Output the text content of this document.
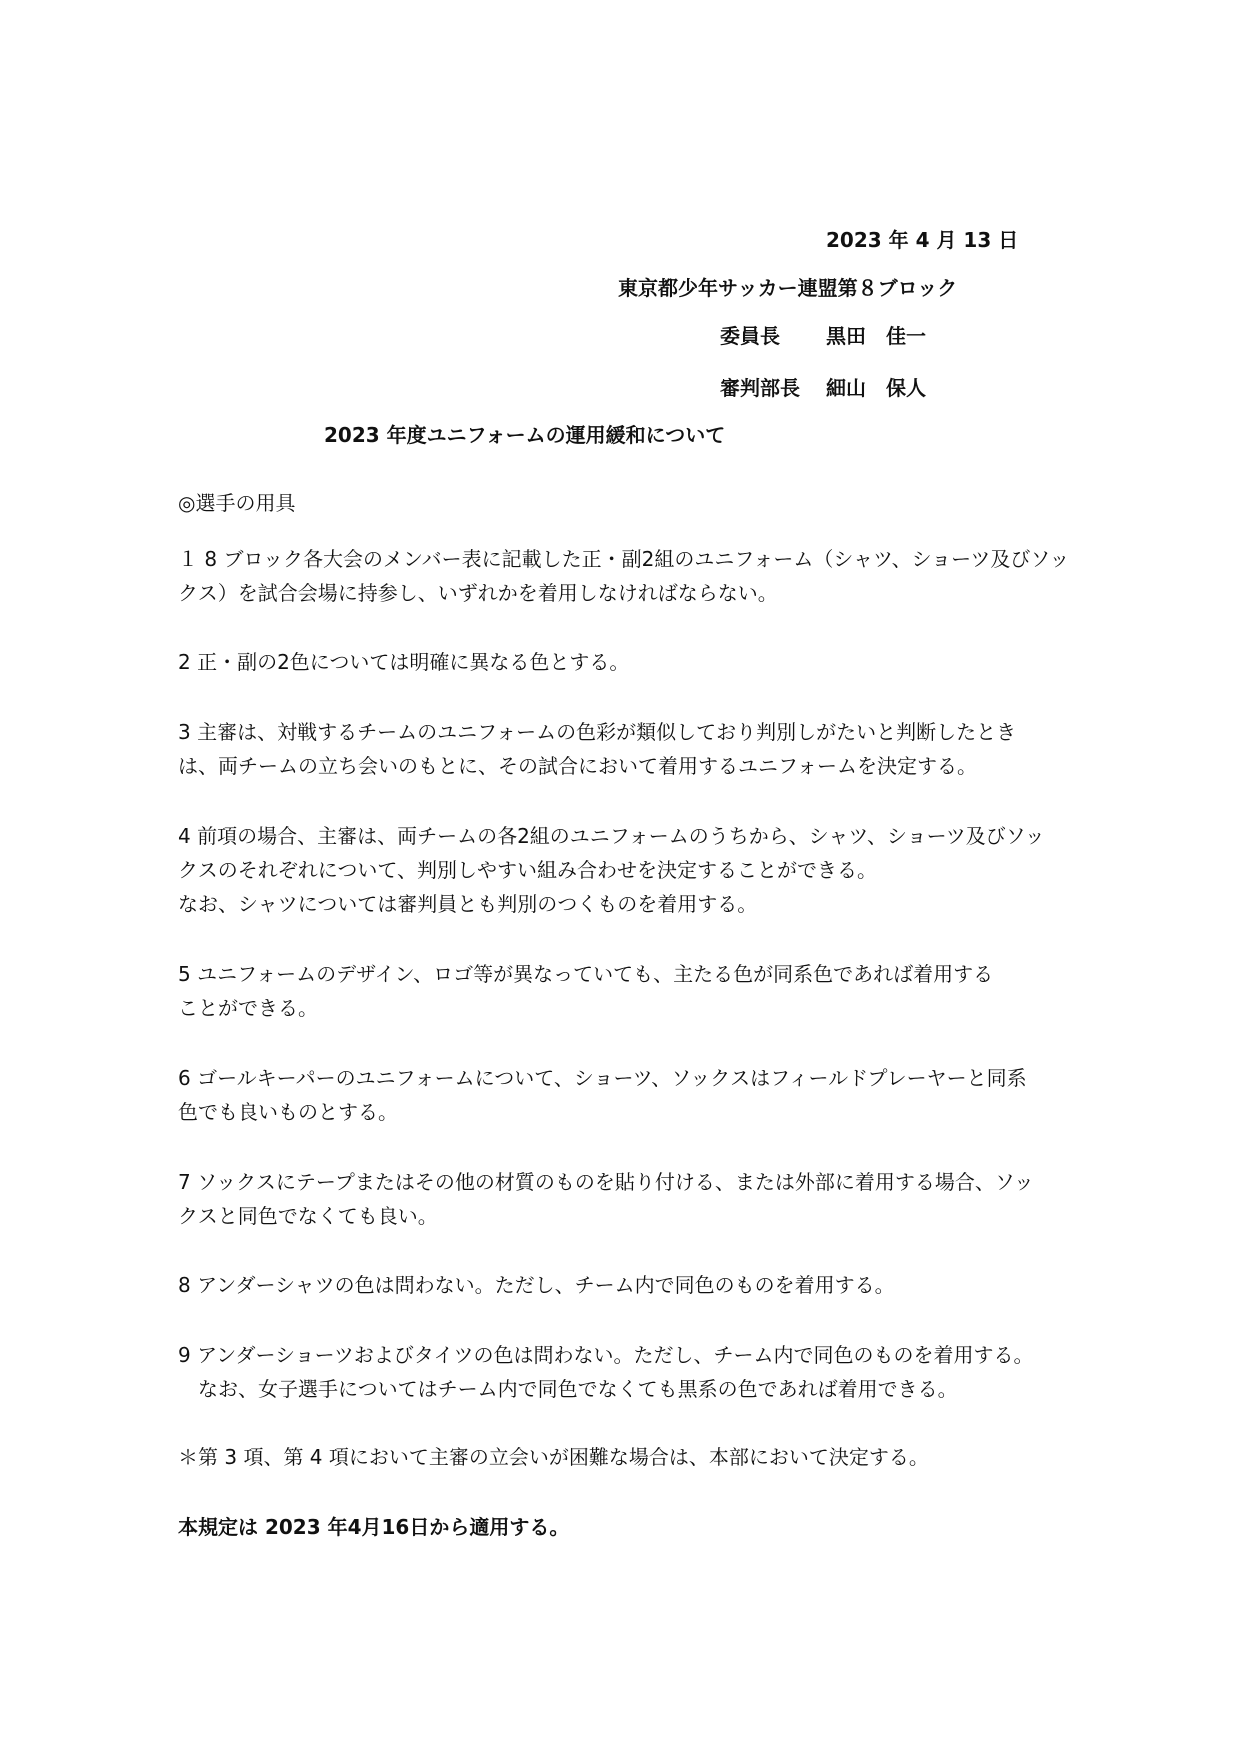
2023 年 4 月 13 日
東京都少年サッカー連盟第８ブロック
委員長 黒田　佳一
審判部長 細山　保人
2023 年度ユニフォームの運用緩和について
◎選手の用具
１ 8 ブロック各大会のメンバー表に記載した正・副2組のユニフォーム（シャツ、ショーツ及びソッ
クス）を試合会場に持参し、いずれかを着用しなければならない。
2 正・副の2色については明確に異なる色とする。
3 主審は、対戦するチームのユニフォームの色彩が類似しており判別しがたいと判断したとき
は、両チームの立ち会いのもとに、その試合において着用するユニフォームを決定する。
4 前項の場合、主審は、両チームの各2組のユニフォームのうちから、シャツ、ショーツ及びソッ
クスのそれぞれについて、判別しやすい組み合わせを決定することができる。
なお、シャツについては審判員とも判別のつくものを着用する。
5 ユニフォームのデザイン、ロゴ等が異なっていても、主たる色が同系色であれば着用する
ことができる。
6 ゴールキーパーのユニフォームについて、ショーツ、ソックスはフィールドプレーヤーと同系
色でも良いものとする。
7 ソックスにテープまたはその他の材質のものを貼り付ける、または外部に着用する場合、ソッ
クスと同色でなくても良い。
8 アンダーシャツの色は問わない。ただし、チーム内で同色のものを着用する。
9 アンダーショーツおよびタイツの色は問わない。ただし、チーム内で同色のものを着用する。
　なお、女子選手についてはチーム内で同色でなくても黒系の色であれば着用できる。
＊第 3 項、第 4 項において主審の立会いが困難な場合は、本部において決定する。
本規定は 2023 年4月16日から適用する。
